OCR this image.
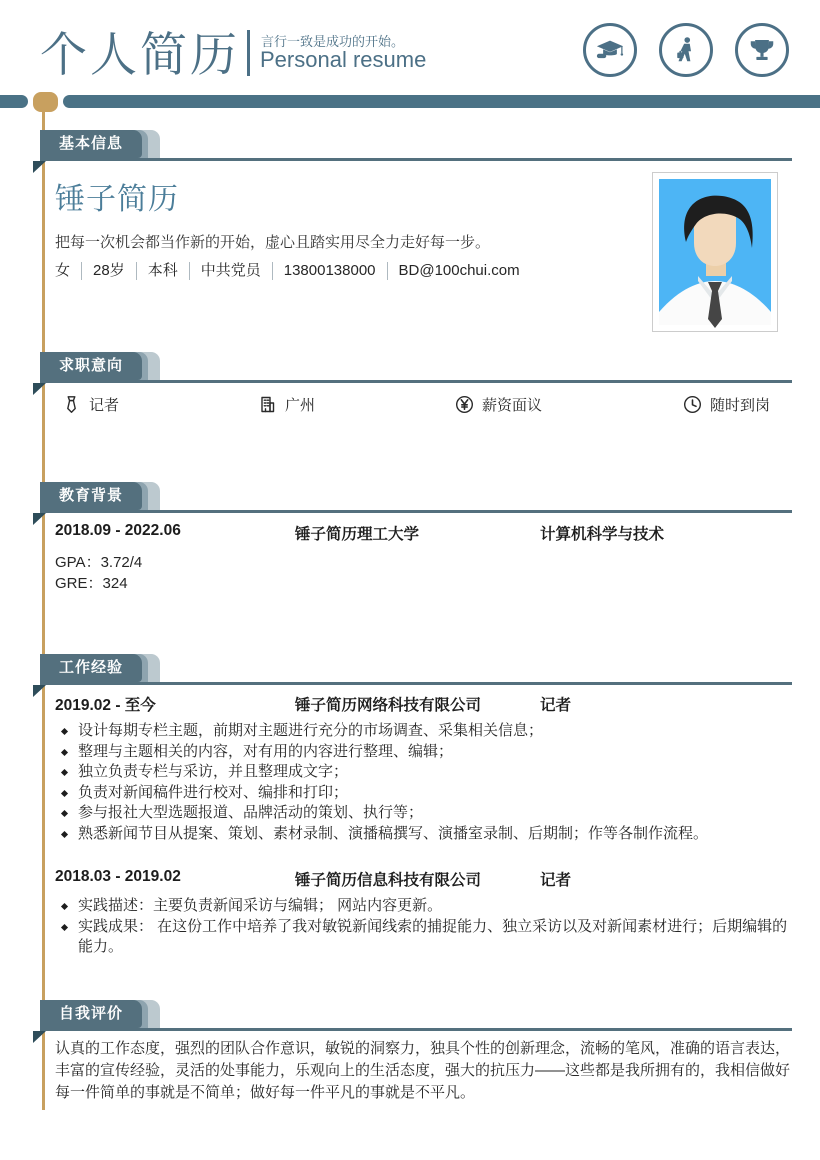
个人简历 言行一致是成功的开始。
Personal resume
基本信息
锤子简历
把每一次机会都当作新的开始，虚心且踏实用尽全力走好每一步。
女	28岁	本科	中共党员	13800138000	BD@100chui.com
求职意向
记者	广州	薪资面议	随时到岗
教育背景
2018.09 - 2022.06	锤子简历理工大学	计算机科学与技术
GPA：3.72/4
GRE：324
工作经验
2019.02 - 至今	锤子简历网络科技有限公司	记者
设计每期专栏主题，前期对主题进行充分的市场调查、采集相关信息；
整理与主题相关的内容，对有用的内容进行整理、编辑；
独立负责专栏与采访，并且整理成文字；
负责对新闻稿件进行校对、编排和打印；
参与报社大型选题报道、品牌活动的策划、执行等；
熟悉新闻节目从提案、策划、素材录制、演播稿撰写、演播室录制、后期制；作等各制作流程。
2018.03 - 2019.02	锤子简历信息科技有限公司	记者
实践描述：主要负责新闻采访与编辑； 网站内容更新。
实践成果： 在这份工作中培养了我对敏锐新闻线索的捕捉能力、独立采访以及对新闻素材进行；后期编辑的能力。
自我评价
认真的工作态度，强烈的团队合作意识，敏锐的洞察力，独具个性的创新理念，流畅的笔风，准确的语言表达，丰富的宣传经验，灵活的处事能力，乐观向上的生活态度，强大的抗压力——这些都是我所拥有的，我相信做好每一件简单的事就是不简单；做好每一件平凡的事就是不平凡。
